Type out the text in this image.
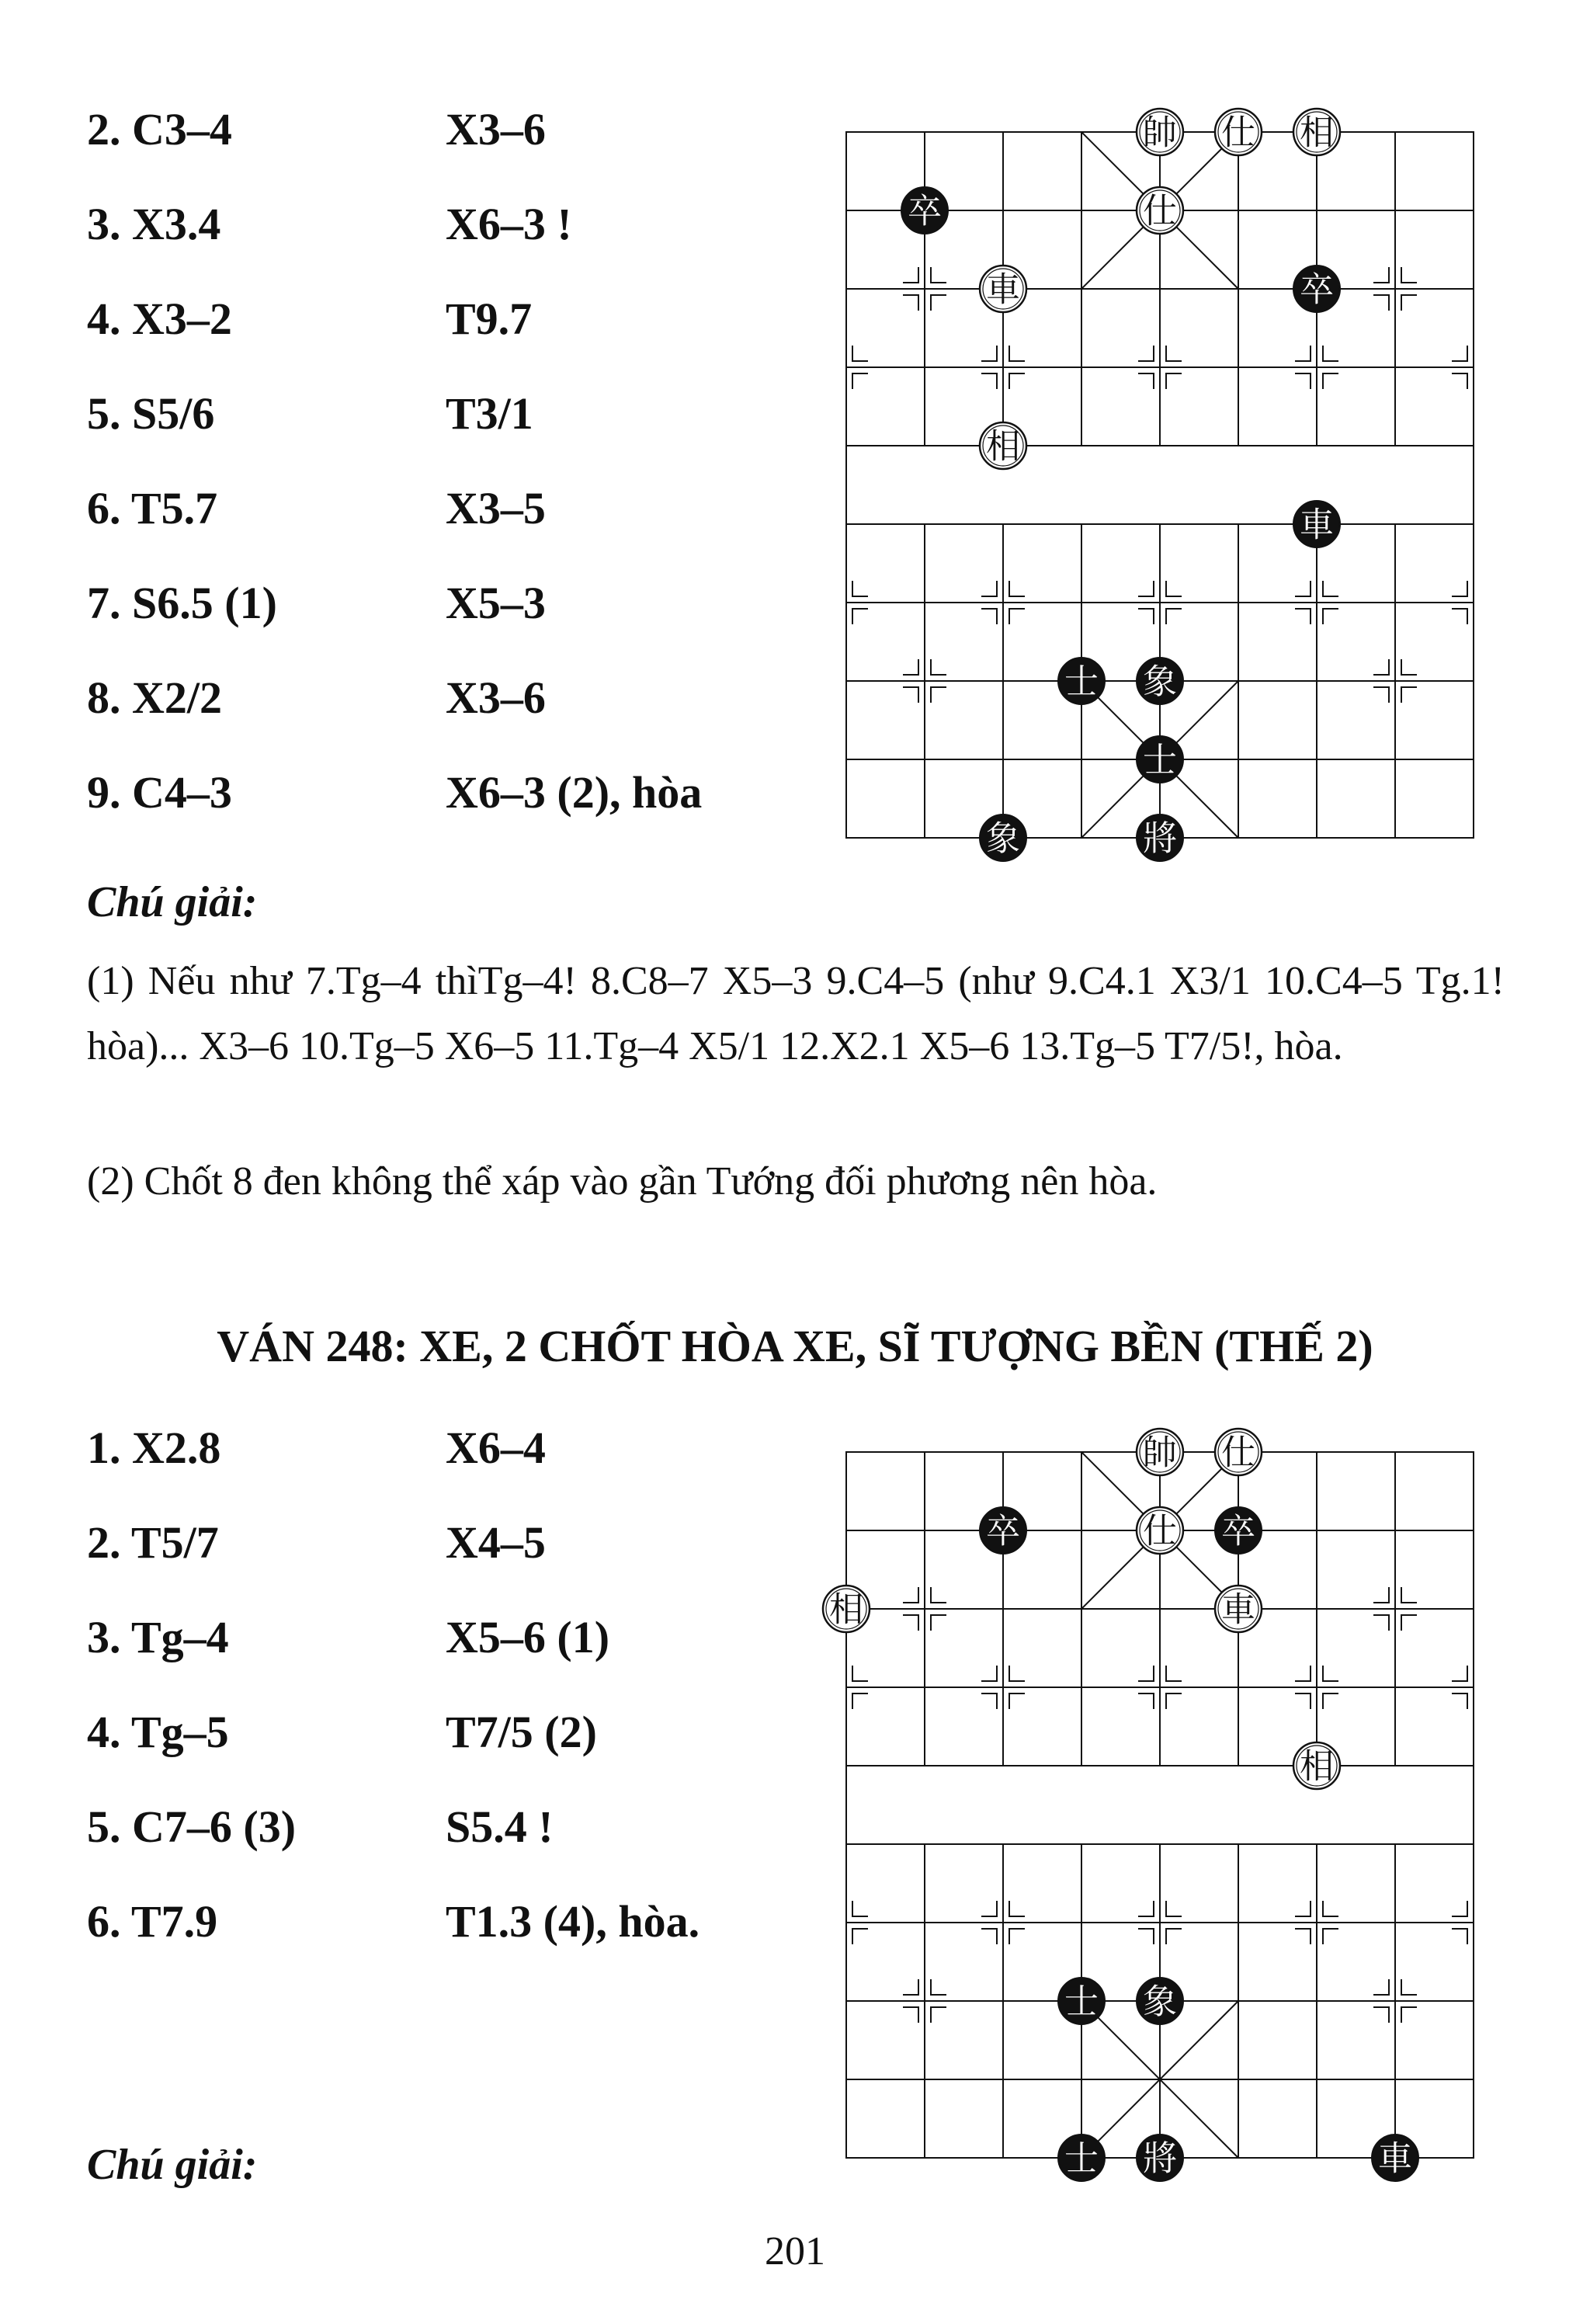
2. C3–4	X3–6
3. X3.4	X6–3 !
4. X3–2	T9.7
5. S5/6	T3/1
6. T5.7	X3–5
7. S6.5 (1)	X5–3
8. X2/2	X3–6
9. C4–3	X6–3 (2), hòa
帥 仕 相
卒	仕
車	卒
相
車
士 象
士
象	將
Chú giải:
(1) Nếu như 7.Tg–4 thìTg–4! 8.C8–7 X5–3 9.C4–5 (như 9.C4.1 X3/1 10.C4–5 Tg.1! hòa)... X3–6 10.Tg–5 X6–5 11.Tg–4 X5/1 12.X2.1 X5–6 13.Tg–5 T7/5!, hòa.
(2) Chốt 8 đen không thể xáp vào gần Tướng đối phương nên hòa.
VÁN 248: XE, 2 CHỐT HÒA XE, SĨ TƯỢNG BỀN (THẾ 2)
1. X2.8	X6–4
2. T5/7	X4–5
3. Tg–4	X5–6 (1)
4. Tg–5	T7/5 (2)
5. C7–6 (3)	S5.4 !
6. T7.9	T1.3 (4), hòa.
帥 仕
卒	仕 卒
相	車
相
士 象
士 將	車
Chú giải:
201
